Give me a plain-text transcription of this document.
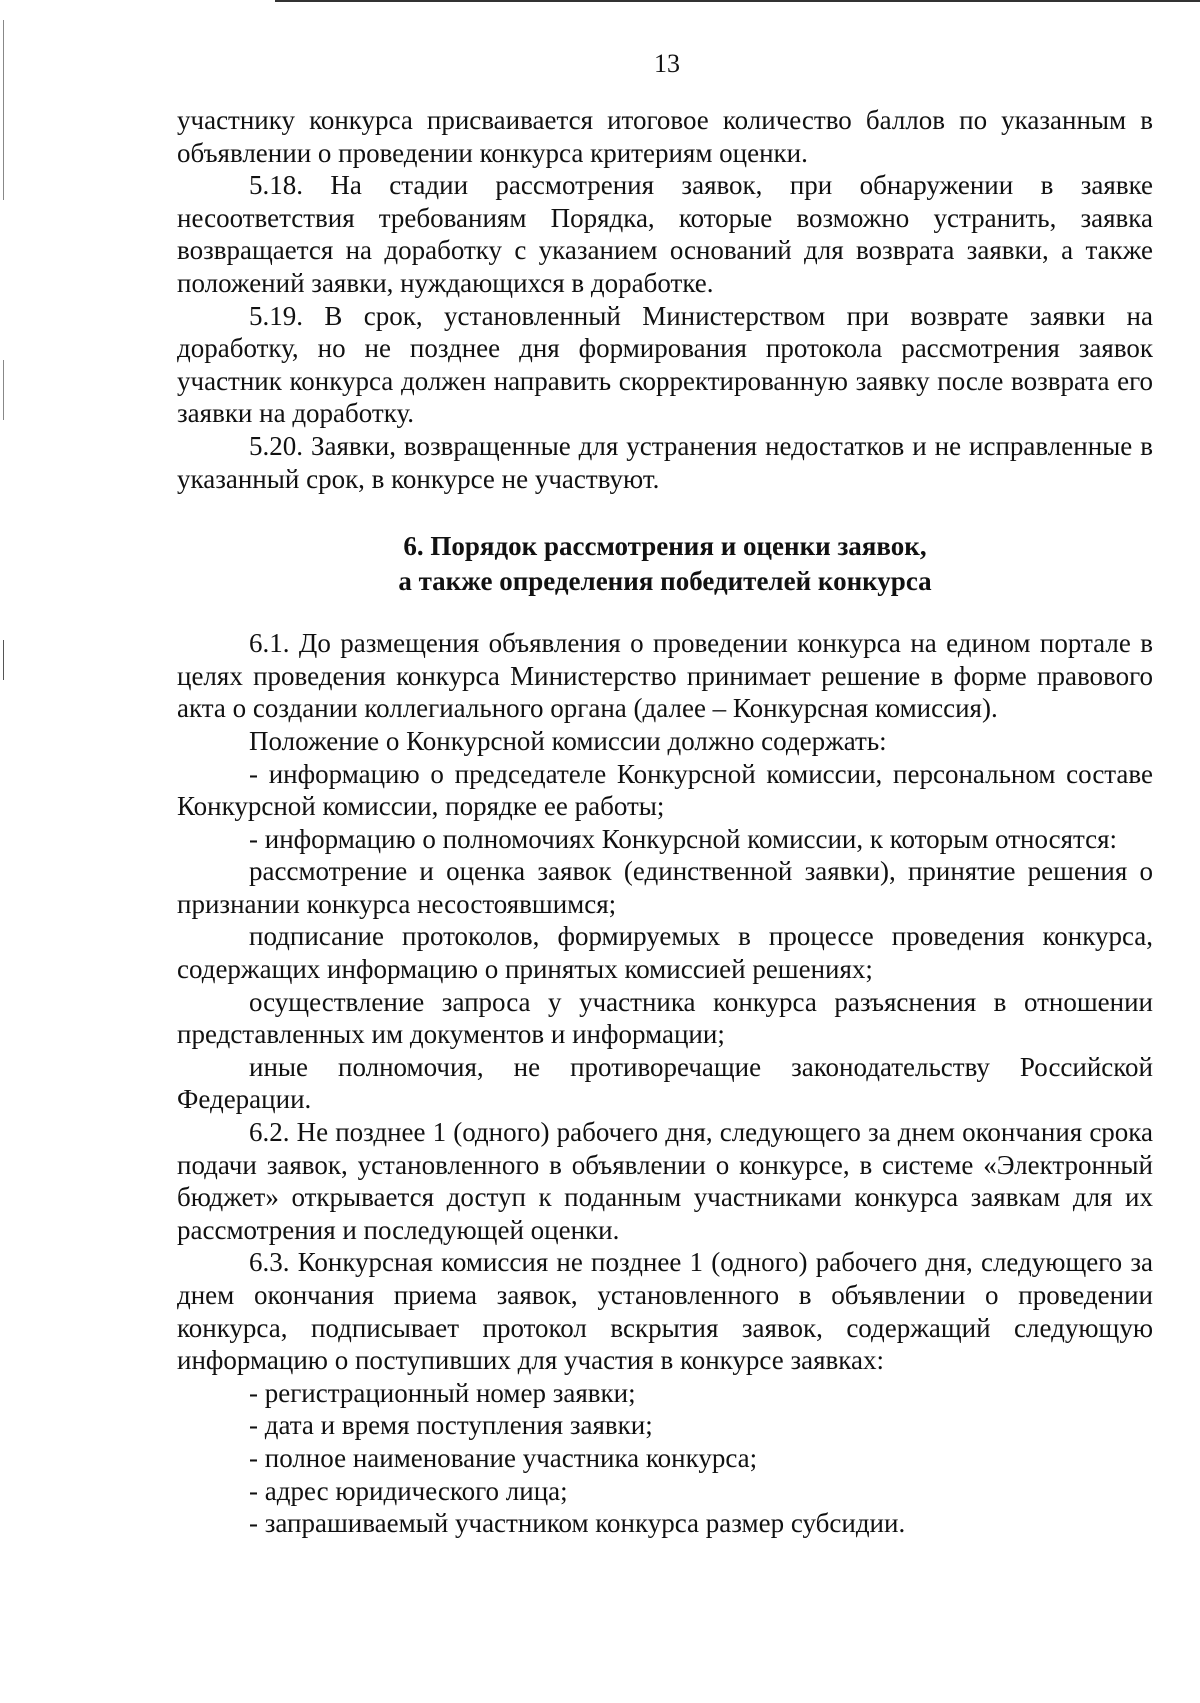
13

участнику конкурса присваивается итоговое количество баллов по указанным в объявлении о проведении конкурса критериям оценки.

5.18. На стадии рассмотрения заявок, при обнаружении в заявке несоответствия требованиям Порядка, которые возможно устранить, заявка возвращается на доработку с указанием оснований для возврата заявки, а также положений заявки, нуждающихся в доработке.

5.19. В срок, установленный Министерством при возврате заявки на доработку, но не позднее дня формирования протокола рассмотрения заявок участник конкурса должен направить скорректированную заявку после возврата его заявки на доработку.

5.20. Заявки, возвращенные для устранения недостатков и не исправленные в указанный срок, в конкурсе не участвуют.

6. Порядок рассмотрения и оценки заявок,
а также определения победителей конкурса

6.1. До размещения объявления о проведении конкурса на едином портале в целях проведения конкурса Министерство принимает решение в форме правового акта о создании коллегиального органа (далее – Конкурсная комиссия).

Положение о Конкурсной комиссии должно содержать:

- информацию о председателе Конкурсной комиссии, персональном составе Конкурсной комиссии, порядке ее работы;

- информацию о полномочиях Конкурсной комиссии, к которым относятся:

рассмотрение и оценка заявок (единственной заявки), принятие решения о признании конкурса несостоявшимся;

подписание протоколов, формируемых в процессе проведения конкурса, содержащих информацию о принятых комиссией решениях;

осуществление запроса у участника конкурса разъяснения в отношении представленных им документов и информации;

иные полномочия, не противоречащие законодательству Российской Федерации.

6.2. Не позднее 1 (одного) рабочего дня, следующего за днем окончания срока подачи заявок, установленного в объявлении о конкурсе, в системе «Электронный бюджет» открывается доступ к поданным участниками конкурса заявкам для их рассмотрения и последующей оценки.

6.3. Конкурсная комиссия не позднее 1 (одного) рабочего дня, следующего за днем окончания приема заявок, установленного в объявлении о проведении конкурса, подписывает протокол вскрытия заявок, содержащий следующую информацию о поступивших для участия в конкурсе заявках:

- регистрационный номер заявки;

- дата и время поступления заявки;

- полное наименование участника конкурса;

- адрес юридического лица;

- запрашиваемый участником конкурса размер субсидии.
